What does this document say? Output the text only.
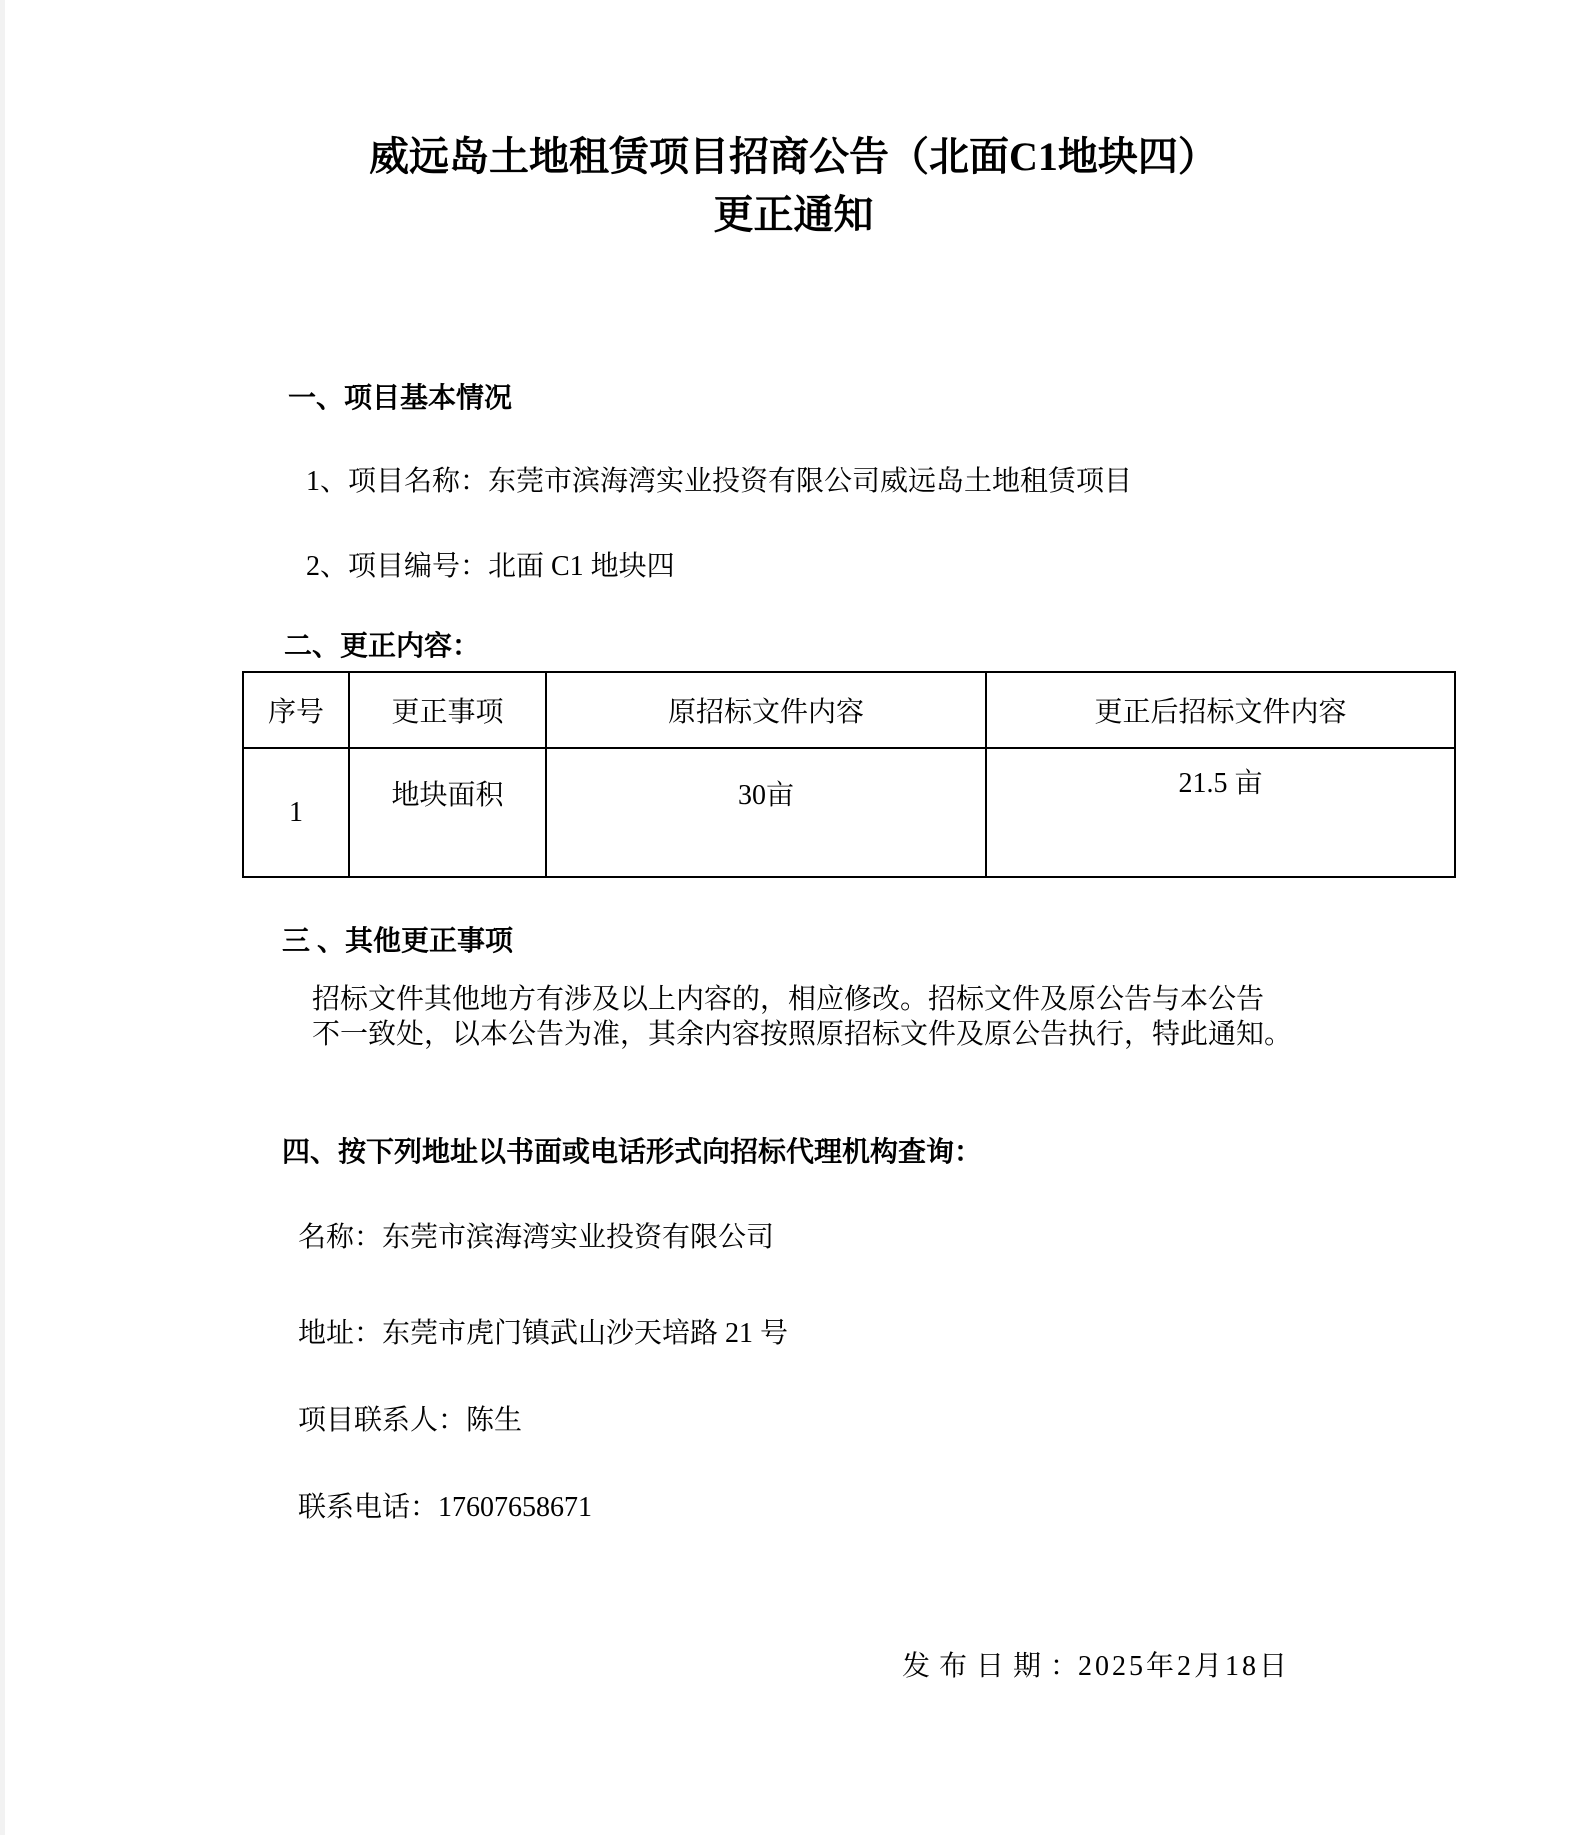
威远岛土地租赁项目招商公告（北面C1地块四）
更正通知
一、项目基本情况
1、项目名称：东莞市滨海湾实业投资有限公司威远岛土地租赁项目
2、项目编号：北面 C1 地块四
二、更正内容：
序号	更正事项	原招标文件内容	更正后招标文件内容
1	地块面积	30亩	21.5 亩
三 、其他更正事项
招标文件其他地方有涉及以上内容的，相应修改。招标文件及原公告与本公告
不一致处，以本公告为准，其余内容按照原招标文件及原公告执行，特此通知。
四、按下列地址以书面或电话形式向招标代理机构查询：
名称：东莞市滨海湾实业投资有限公司
地址：东莞市虎门镇武山沙天培路 21 号
项目联系人：陈生
联系电话：17607658671
发布日期：2025年2月18日
